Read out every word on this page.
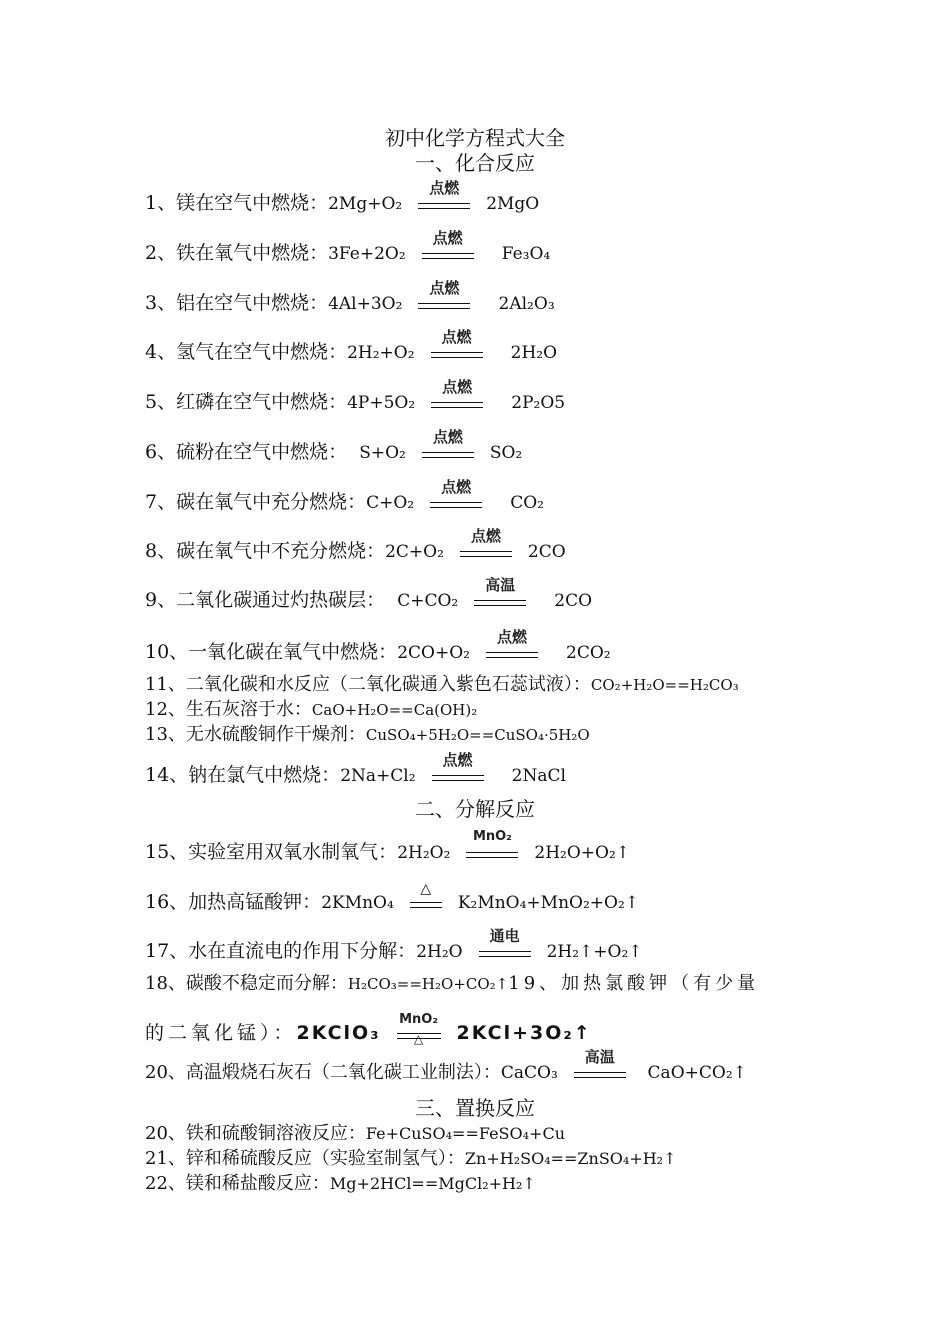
初中化学方程式大全
一、化合反应
1、镁在空气中燃烧：2Mg+O₂
点燃
2MgO
2、铁在氧气中燃烧：3Fe+2O₂
点燃
Fe₃O₄
3、铝在空气中燃烧：4Al+3O₂
点燃
2Al₂O₃
4、氢气在空气中燃烧：2H₂+O₂
点燃
2H₂O
5、红磷在空气中燃烧：4P+5O₂
点燃
2P₂O5
6、硫粉在空气中燃烧： S+O₂
点燃
SO₂
7、碳在氧气中充分燃烧：C+O₂
点燃
CO₂
8、碳在氧气中不充分燃烧：2C+O₂
点燃
2CO
9、二氧化碳通过灼热碳层： C+CO₂
高温
2CO
10、一氧化碳在氧气中燃烧：2CO+O₂
点燃
2CO₂
11、二氧化碳和水反应（二氧化碳通入紫色石蕊试液）：CO₂+H₂O==H₂CO₃
12、生石灰溶于水：CaO+H₂O==Ca(OH)₂
13、无水硫酸铜作干燥剂：CuSO₄+5H₂O==CuSO₄·5H₂O
14、钠在氯气中燃烧：2Na+Cl₂
点燃
2NaCl
二、分解反应
15、实验室用双氧水制氧气：2H₂O₂
MnO₂
2H₂O+O₂↑
16、加热高锰酸钾：2KMnO₄
△
K₂MnO₄+MnO₂+O₂↑
17、水在直流电的作用下分解：2H₂O
通电
2H₂↑+O₂↑
18、碳酸不稳定而分解：H₂CO₃==H₂O+CO₂↑19、加热氯酸钾（有少量
的二氧化锰）：2KClO₃
MnO₂
△	2KCl+3O₂↑
20、高温煅烧石灰石（二氧化碳工业制法）：CaCO₃
高温
CaO+CO₂↑
三、置换反应
20、铁和硫酸铜溶液反应：Fe+CuSO₄==FeSO₄+Cu
21、锌和稀硫酸反应（实验室制氢气）：Zn+H₂SO₄==ZnSO₄+H₂↑
22、镁和稀盐酸反应：Mg+2HCl==MgCl₂+H₂↑
